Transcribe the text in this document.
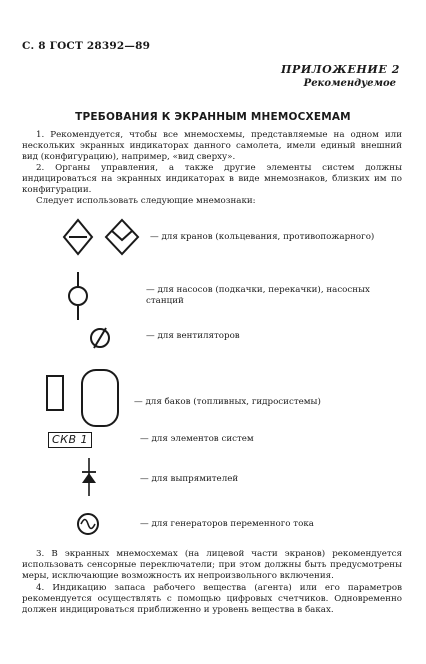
С. 8 ГОСТ 28392—89
ПРИЛОЖЕНИЕ 2
Рекомендуемое
ТРЕБОВАНИЯ К ЭКРАННЫМ МНЕМОСХЕМАМ

1. Рекомендуется, чтобы все мнемосхемы, представляемые на одном или нескольких экранных индикаторах данного самолета, имели единый внешний вид (конфигурацию), например, «вид сверху».

2. Органы управления, а также другие элементы систем должны индицироваться на экранных индикаторах в виде мнемознаков, близких им по конфигурации.

Следует использовать следующие мнемознаки:

— для кранов (кольцевания, противопожарного)
— для насосов (подкачки, перекачки), насосных станций
— для вентиляторов
— для баков (топливных, гидросистемы)
СКВ 1	— для элементов систем
— для выпрямителей
— для генераторов переменного тока

3. В экранных мнемосхемах (на лицевой части экранов) рекомендуется использовать сенсорные переключатели; при этом должны быть предусмотрены меры, исключающие возможность их непроизвольного включения.

4. Индикацию запаса рабочего вещества (агента) или его параметров рекомендуется осуществлять с помощью цифровых счетчиков. Одновременно должен индицироваться приближенно и уровень вещества в баках.
